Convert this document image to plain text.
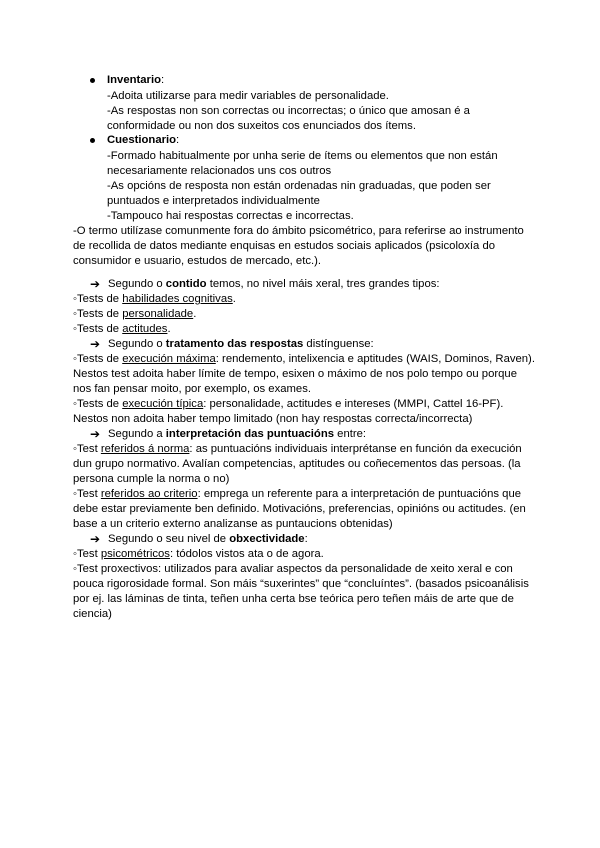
Inventario:
-Adoita utilizarse para medir variables de personalidade.
-As respostas non son correctas ou incorrectas; o único que amosan é a
conformidade ou non dos suxeitos cos enunciados dos ítems.
Cuestionario:
-Formado habitualmente por unha serie de ítems ou elementos que non están
necesariamente relacionados uns cos outros
-As opcións de resposta non están ordenadas nin graduadas, que poden ser
puntuados e interpretados individualmente
-Tampouco hai respostas correctas e incorrectas.
-O termo utilízase comunmente fora do ámbito psicométrico, para referirse ao instrumento
de recollida de datos mediante enquisas en estudos sociais aplicados (psicoloxía do
consumidor e usuario, estudos de mercado, etc.).
➔ Segundo o contido temos, no nivel máis xeral, tres grandes tipos:
◦Tests de habilidades cognitivas.
◦Tests de personalidade.
◦Tests de actitudes.
➔ Segundo o tratamento das respostas distínguense:
◦Tests de execución máxima: rendemento, intelixencia e aptitudes (WAIS, Dominos, Raven).
Nestos test adoita haber límite de tempo, esixen o máximo de nos polo tempo ou porque
nos fan pensar moito, por exemplo, os exames.
◦Tests de execución típica: personalidade, actitudes e intereses (MMPI, Cattel 16-PF).
Nestos non adoita haber tempo limitado (non hay respostas correcta/incorrecta)
➔ Segundo a interpretación das puntuacións entre:
◦Test referidos á norma: as puntuacións individuais interprétanse en función da execución
dun grupo normativo. Avalían competencias, aptitudes ou coñecementos das persoas. (la
persona cumple la norma o no)
◦Test referidos ao criterio: emprega un referente para a interpretación de puntuacións que
debe estar previamente ben definido. Motivacións, preferencias, opinións ou actitudes. (en
base a un criterio externo analizanse as puntaucions obtenidas)
➔ Segundo o seu nivel de obxectividade:
◦Test psicométricos: tódolos vistos ata o de agora.
◦Test proxectivos: utilizados para avaliar aspectos da personalidade de xeito xeral e con
pouca rigorosidade formal. Son máis “suxerintes” que “concluíntes”. (basados psicoanálisis
por ej. las láminas de tinta, teñen unha certa bse teórica pero teñen máis de arte que de
ciencia)
